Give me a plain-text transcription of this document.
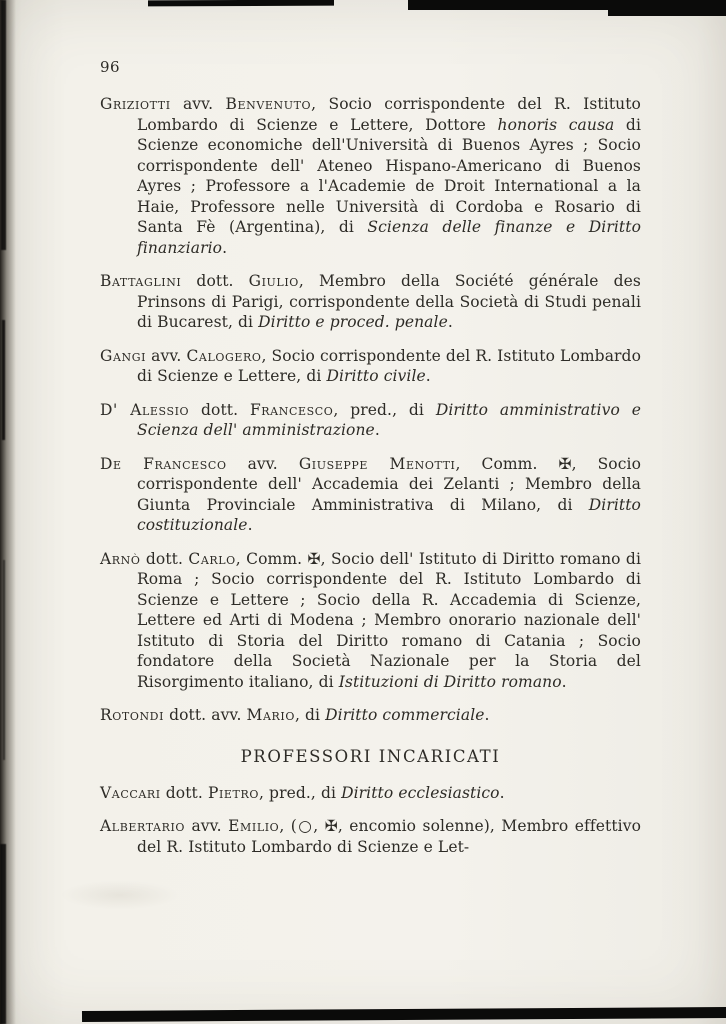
96

Griziotti avv. Benvenuto, Socio corrispondente del R. Istituto Lombardo di Scienze e Lettere, Dottore honoris causa di Scienze economiche dell'Università di Buenos Ayres ; Socio corrispondente dell' Ateneo Hispano-Americano di Buenos Ayres ; Professore a l'Academie de Droit International a la Haie, Professore nelle Università di Cordoba e Rosario di Santa Fè (Argentina), di Scienza delle finanze e Diritto finanziario.

Battaglini dott. Giulio, Membro della Société générale des Prinsons di Parigi, corrispondente della Società di Studi penali di Bucarest, di Diritto e proced. penale.

Gangi avv. Calogero, Socio corrispondente del R. Istituto Lombardo di Scienze e Lettere, di Diritto civile.

D' Alessio dott. Francesco, pred., di Diritto amministrativo e Scienza dell' amministrazione.

De Francesco avv. Giuseppe Menotti, Comm. ✠, Socio corrispondente dell' Accademia dei Zelanti ; Membro della Giunta Provinciale Amministrativa di Milano, di Diritto costituzionale.

Arnò dott. Carlo, Comm. ✠, Socio dell' Istituto di Diritto romano di Roma ; Socio corrispondente del R. Istituto Lombardo di Scienze e Lettere ; Socio della R. Accademia di Scienze, Lettere ed Arti di Modena ; Membro onorario nazionale dell' Istituto di Storia del Diritto romano di Catania ; Socio fondatore della Società Nazionale per la Storia del Risorgimento italiano, di Istituzioni di Diritto romano.

Rotondi dott. avv. Mario, di Diritto commerciale.

PROFESSORI INCARICATI

Vaccari dott. Pietro, pred., di Diritto ecclesiastico.

Albertario avv. Emilio, (○, ✠, encomio solenne), Membro effettivo del R. Istituto Lombardo di Scienze e Let-
